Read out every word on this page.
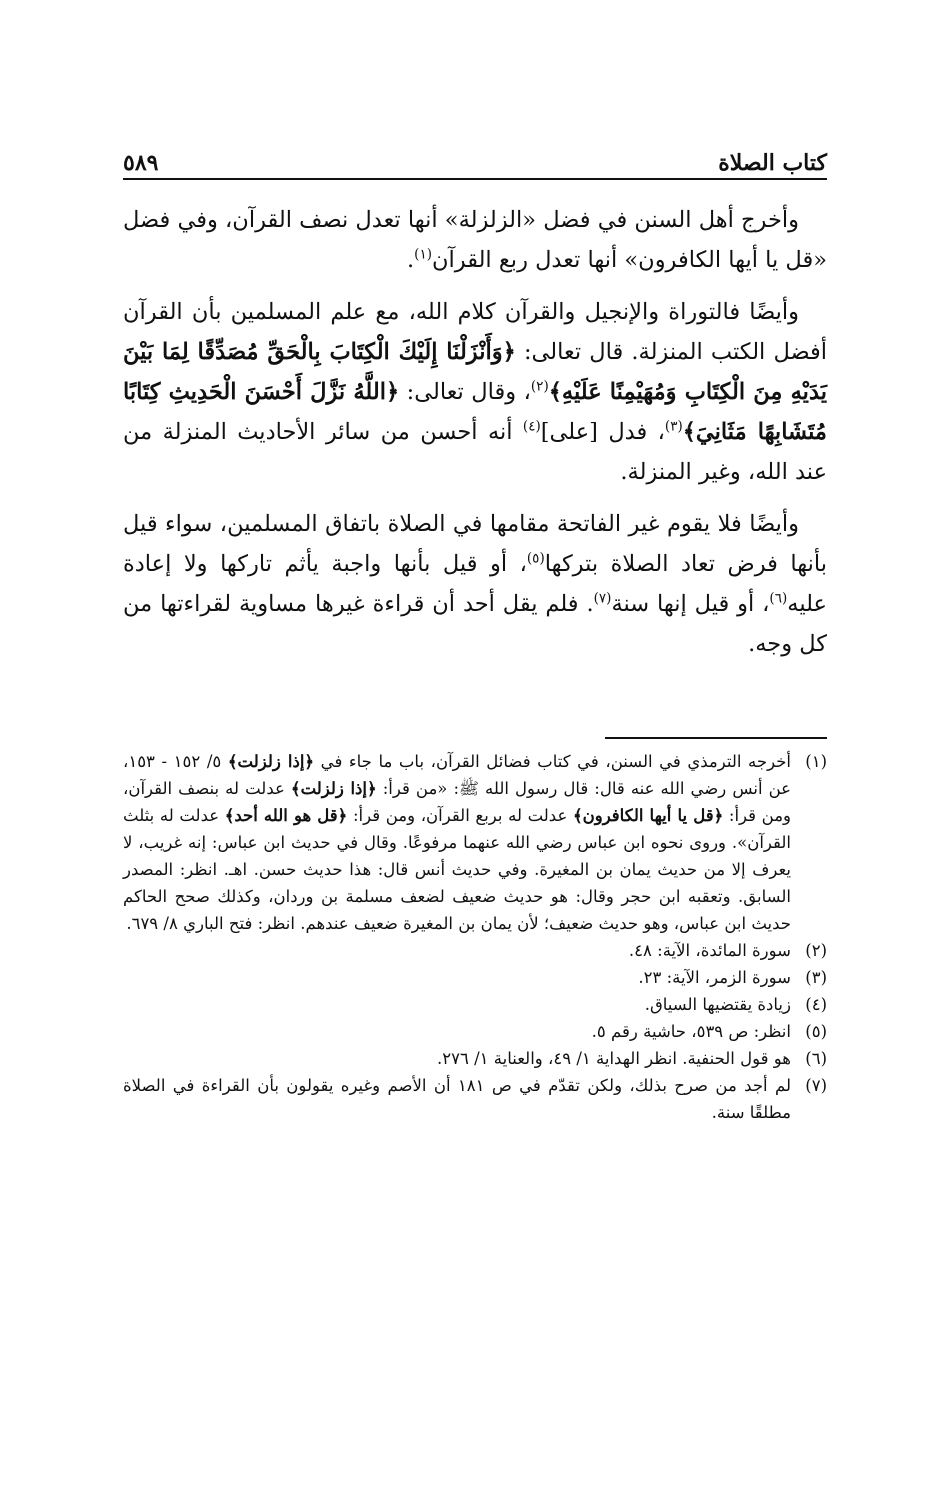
كتاب الصلاة
٥٨٩

وأخرج أهل السنن في فضل «الزلزلة» أنها تعدل نصف القرآن، وفي فضل «قل يا أيها الكافرون» أنها تعدل ربع القرآن$^{(١)}$.

وأيضًا فالتوراة والإنجيل والقرآن كلام الله، مع علم المسلمين بأن القرآن أفضل الكتب المنزلة. قال تعالى: ﴿وَأَنْزَلْنَا إِلَيْكَ الْكِتَابَ بِالْحَقِّ مُصَدِّقًا لِمَا بَيْنَ يَدَيْهِ مِنَ الْكِتَابِ وَمُهَيْمِنًا عَلَيْهِ﴾$^{(٢)}$، وقال تعالى: ﴿اللَّهُ نَزَّلَ أَحْسَنَ الْحَدِيثِ كِتَابًا مُتَشَابِهًا مَثَانِيَ﴾$^{(٣)}$، فدل [على]$^{(٤)}$ أنه أحسن من سائر الأحاديث المنزلة من عند الله، وغير المنزلة.

وأيضًا فلا يقوم غير الفاتحة مقامها في الصلاة باتفاق المسلمين، سواء قيل بأنها فرض تعاد الصلاة بتركها$^{(٥)}$، أو قيل بأنها واجبة يأثم تاركها ولا إعادة عليه$^{(٦)}$، أو قيل إنها سنة$^{(٧)}$. فلم يقل أحد أن قراءة غيرها مساوية لقراءتها من كل وجه.

(١)
أخرجه الترمذي في السنن، في كتاب فضائل القرآن، باب ما جاء في ﴿إذا زلزلت﴾ ٥/ ١٥٢ - ١٥٣، عن أنس رضي الله عنه قال: قال رسول الله ﷺ: «من قرأ: ﴿إذا زلزلت﴾ عدلت له بنصف القرآن، ومن قرأ: ﴿قل يا أيها الكافرون﴾ عدلت له بربع القرآن، ومن قرأ: ﴿قل هو الله أحد﴾ عدلت له بثلث القرآن». وروى نحوه ابن عباس رضي الله عنهما مرفوعًا. وقال في حديث ابن عباس: إنه غريب، لا يعرف إلا من حديث يمان بن المغيرة. وفي حديث أنس قال: هذا حديث حسن. اهـ. انظر: المصدر السابق. وتعقبه ابن حجر وقال: هو حديث ضعيف لضعف مسلمة بن وردان، وكذلك صحح الحاكم حديث ابن عباس، وهو حديث ضعيف؛ لأن يمان بن المغيرة ضعيف عندهم. انظر: فتح الباري ٨/ ٦٧٩.
(٢)
سورة المائدة، الآية: ٤٨.
(٣)
سورة الزمر، الآية: ٢٣.
(٤)
زيادة يقتضيها السياق.
(٥)
انظر: ص ٥٣٩، حاشية رقم ٥.
(٦)
هو قول الحنفية. انظر الهداية ١/ ٤٩، والعناية ١/ ٢٧٦.
(٧)
لم أجد من صرح بذلك، ولكن تقدّم في ص ١٨١ أن الأصم وغيره يقولون بأن القراءة في الصلاة مطلقًا سنة.
